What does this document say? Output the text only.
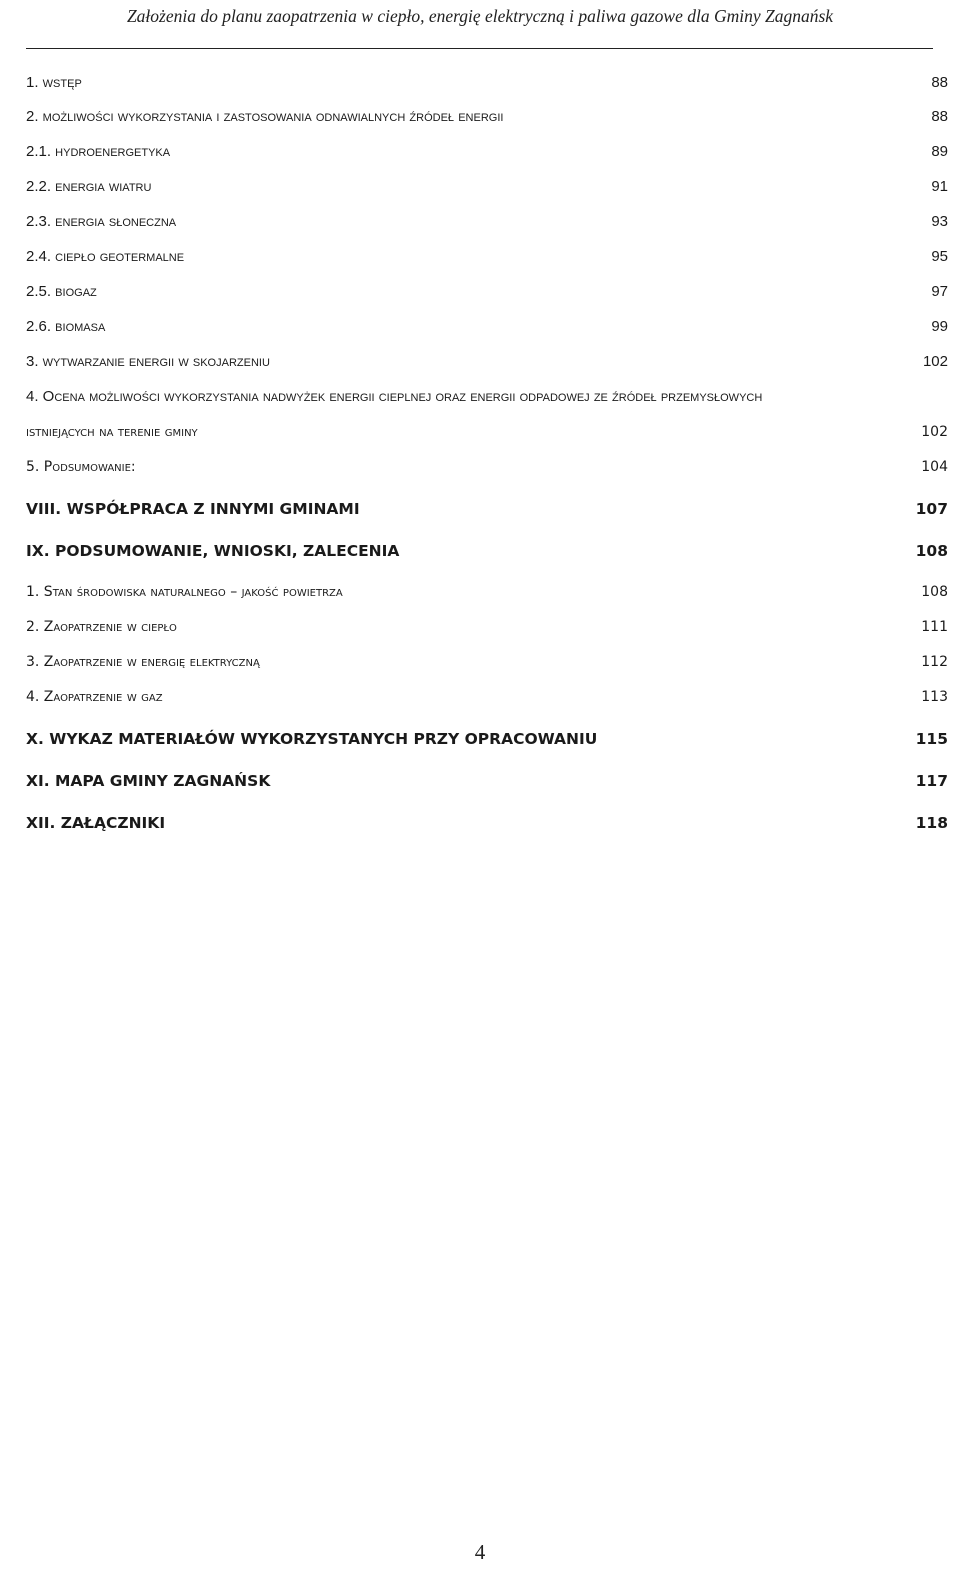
Założenia do planu zaopatrzenia w ciepło, energię elektryczną i paliwa gazowe dla Gminy Zagnańsk
1. wstęp	88
2. możliwości wykorzystania i zastosowania odnawialnych źródeł energii	88
2.1. hydroenergetyka	89
2.2. energia wiatru	91
2.3. energia słoneczna	93
2.4. ciepło geotermalne	95
2.5. biogaz	97
2.6. biomasa	99
3. wytwarzanie energii w skojarzeniu	102
4. Ocena możliwości wykorzystania nadwyżek energii cieplnej oraz energii odpadowej ze źródeł przemysłowych
istniejących na terenie gminy	102
5. Podsumowanie:	104
VIII. WSPÓŁPRACA Z INNYMI GMINAMI	107
IX. PODSUMOWANIE, WNIOSKI, ZALECENIA	108
1. Stan środowiska naturalnego – jakość powietrza	108
2. Zaopatrzenie w ciepło	111
3. Zaopatrzenie w energię elektryczną	112
4. Zaopatrzenie w gaz	113
X. WYKAZ MATERIAŁÓW WYKORZYSTANYCH PRZY OPRACOWANIU	115
XI. MAPA GMINY ZAGNAŃSK	117
XII. ZAŁĄCZNIKI	118
4
